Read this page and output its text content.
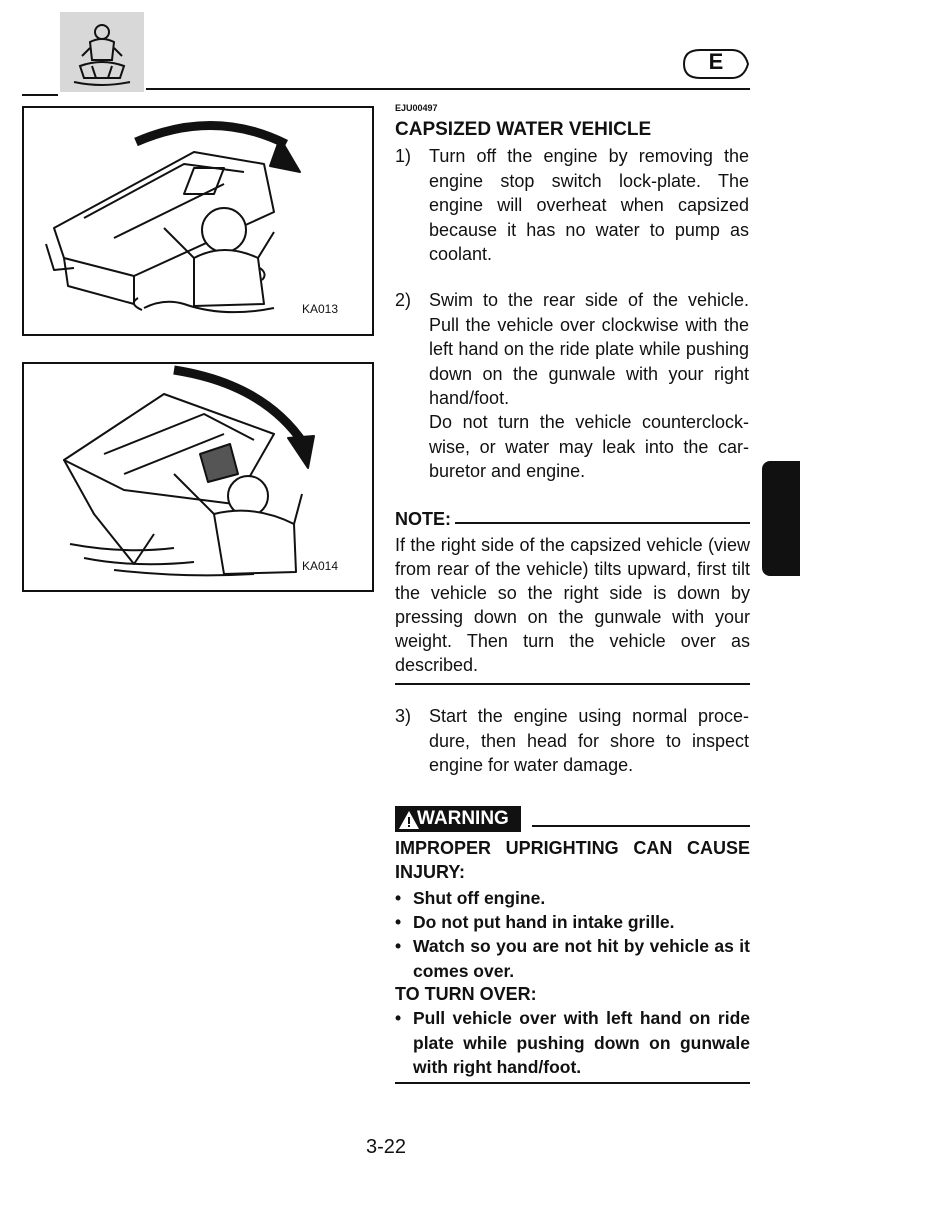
E
KA013
KA014
EJU00497
CAPSIZED WATER VEHICLE
1) Turn off the engine by removing the engine stop switch lock-plate. The engine will overheat when capsized because it has no water to pump as coolant.
2) Swim to the rear side of the vehicle. Pull the vehicle over clockwise with the left hand on the ride plate while pushing down on the gunwale with your right hand/foot.
Do not turn the vehicle counterclock-wise, or water may leak into the car-buretor and engine.
NOTE:
If the right side of the capsized vehicle (view from rear of the vehicle) tilts upward, first tilt the vehicle so the right side is down by pressing down on the gunwale with your weight. Then turn the vehicle over as described.
3) Start the engine using normal proce-dure, then head for shore to inspect engine for water damage.
WARNING
IMPROPER UPRIGHTING CAN CAUSE
INJURY:
• Shut off engine.
• Do not put hand in intake grille.
• Watch so you are not hit by vehicle as it comes over.
TO TURN OVER:
• Pull vehicle over with left hand on ride plate while pushing down on gunwale with right hand/foot.
3-22
